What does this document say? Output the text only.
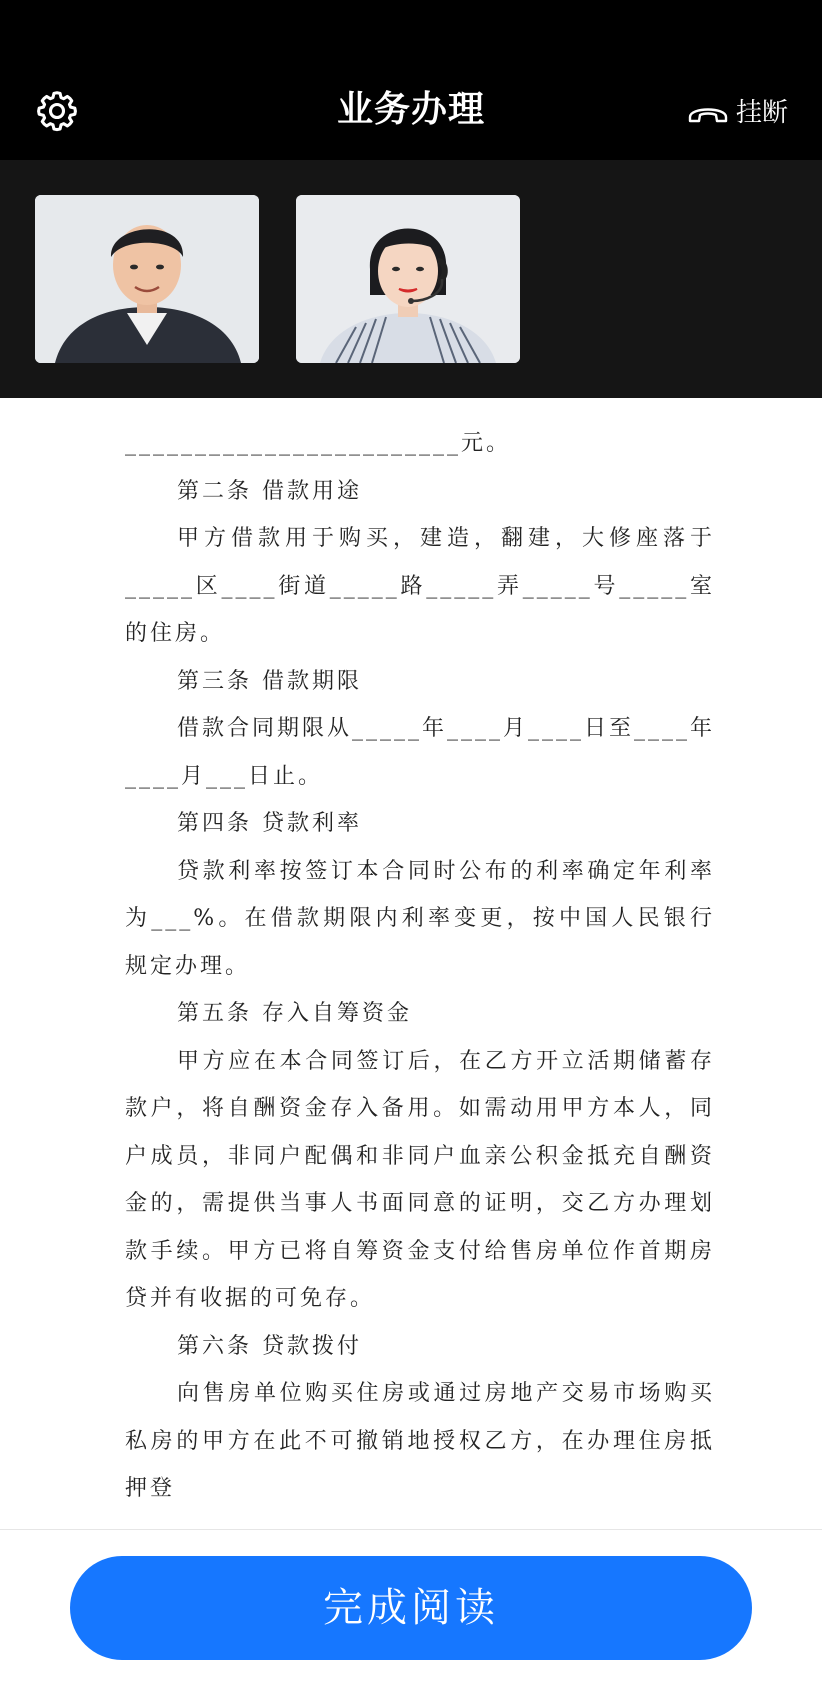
业务办理	挂断

________________________元。

第二条 借款用途

甲方借款用于购买，建造，翻建，大修座落于_____区____街道_____路_____弄_____号_____室的住房。

第三条 借款期限

借款合同期限从_____年____月____日至____年____月___日止。

第四条 贷款利率

贷款利率按签订本合同时公布的利率确定年利率为___%。在借款期限内利率变更，按中国人民银行规定办理。

第五条 存入自筹资金

甲方应在本合同签订后，在乙方开立活期储蓄存款户，将自酬资金存入备用。如需动用甲方本人，同户成员，非同户配偶和非同户血亲公积金抵充自酬资金的，需提供当事人书面同意的证明，交乙方办理划款手续。甲方已将自筹资金支付给售房单位作首期房贷并有收据的可免存。

第六条 贷款拨付

向售房单位购买住房或通过房地产交易市场购买私房的甲方在此不可撤销地授权乙方，在办理住房抵押登

完成阅读
